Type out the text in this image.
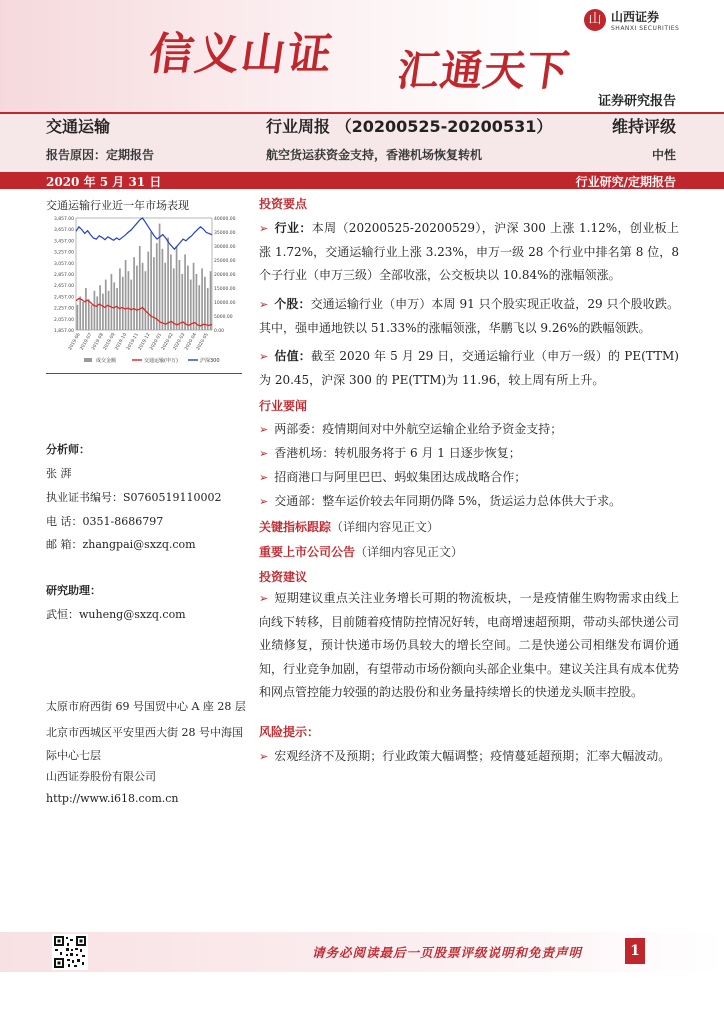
信义山证 汇通天下
山 山西证券
SHANXI SECURITIES
证券研究报告
交通运输	行业周报 （20200525-20200531）	维持评级
报告原因：定期报告	航空货运获资金支持，香港机场恢复转机	中性
2020 年 5 月 31 日	行业研究/定期报告
交通运输行业近一年市场表现
3,857.00
3,657.00
3,457.00
3,257.00
3,057.00
2,857.00
2,657.00
2,457.00
2,257.00
2,057.00
1,857.00
40000.00
35000.00
30000.00
25000.00
20000.00
15000.00
10000.00
5000.00
0.00
2019-06
2019-07
2019-08
2019-09
2019-10
2019-11
2019-12
2020-01
2020-02
2020-03
2020-04
2020-05
成交金额	交通运输(申万)	沪深300
分析师：
张 湃
执业证书编号：S0760519110002
电 话：0351-8686797
邮 箱：zhangpai@sxzq.com
研究助理：
武恒：wuheng@sxzq.com
太原市府西街 69 号国贸中心 A 座 28 层
北京市西城区平安里西大街 28 号中海国际中心七层
山西证券股份有限公司
http://www.i618.com.cn
投资要点
➢ 行业：本周（20200525-20200529），沪深 300 上涨 1.12%，创业板上涨 1.72%，交通运输行业上涨 3.23%，申万一级 28 个行业中排名第 8 位，8 个子行业（申万三级）全部收涨，公交板块以 10.84%的涨幅领涨。
➢ 个股：交通运输行业（申万）本周 91 只个股实现正收益，29 只个股收跌。其中，强申通地铁以 51.33%的涨幅领涨，华鹏飞以 9.26%的跌幅领跌。
➢ 估值：截至 2020 年 5 月 29 日，交通运输行业（申万一级）的 PE(TTM)为 20.45，沪深 300 的 PE(TTM)为 11.96，较上周有所上升。
行业要闻
➢ 两部委：疫情期间对中外航空运输企业给予资金支持；
➢ 香港机场：转机服务将于 6 月 1 日逐步恢复；
➢ 招商港口与阿里巴巴、蚂蚁集团达成战略合作；
➢ 交通部：整车运价较去年同期仍降 5%，货运运力总体供大于求。
关键指标跟踪（详细内容见正文）
重要上市公司公告（详细内容见正文）
投资建议
➢ 短期建议重点关注业务增长可期的物流板块，一是疫情催生购物需求由线上向线下转移，目前随着疫情防控情况好转，电商增速超预期，带动头部快递公司业绩修复，预计快递市场仍具较大的增长空间。二是快递公司相继发布调价通知，行业竞争加剧，有望带动市场份额向头部企业集中。建议关注具有成本优势和网点管控能力较强的韵达股份和业务量持续增长的快递龙头顺丰控股。
风险提示：
➢ 宏观经济不及预期；行业政策大幅调整；疫情蔓延超预期；汇率大幅波动。
请务必阅读最后一页股票评级说明和免责声明	1
